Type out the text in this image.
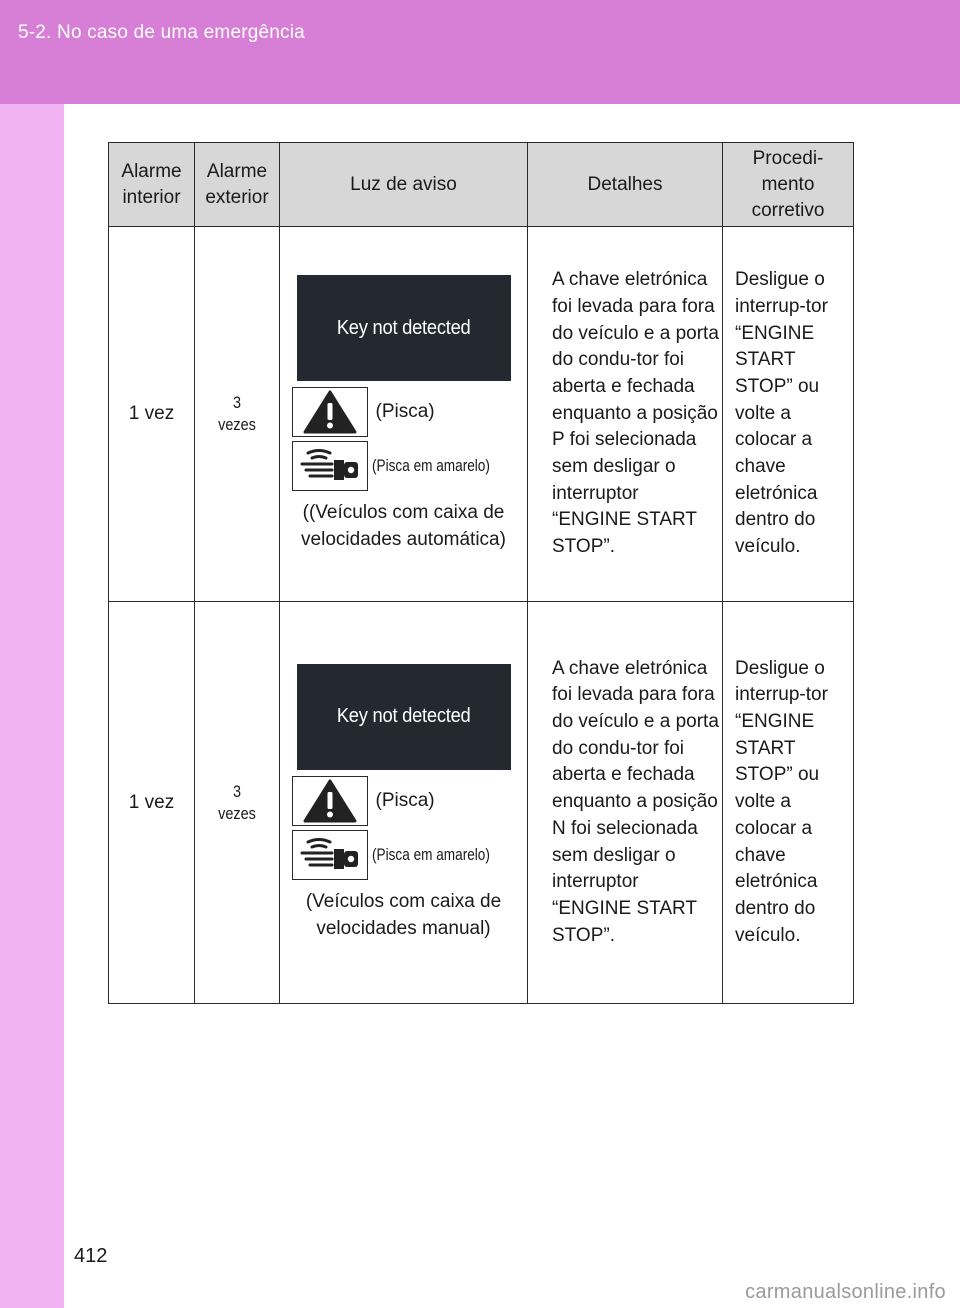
5-2. No caso de uma emergência
Alarme interior	Alarme exterior	Luz de aviso	Detalhes	Procedi-mento corretivo
1 vez	3 vezes	Key not detected
(Pisca)
(Pisca em amarelo)
((Veículos com caixa de velocidades automática)	A chave eletrónica foi levada para fora do veículo e a porta do condu-tor foi aberta e fechada enquanto a posição P foi selecionada sem desligar o interruptor “ENGINE START STOP”.	Desligue o interrup-tor “ENGINE START STOP” ou volte a colocar a chave eletrónica dentro do veículo.
1 vez	3 vezes	Key not detected
(Pisca)
(Pisca em amarelo)
(Veículos com caixa de velocidades manual)	A chave eletrónica foi levada para fora do veículo e a porta do condu-tor foi aberta e fechada enquanto a posição N foi selecionada sem desligar o interruptor “ENGINE START STOP”.	Desligue o interrup-tor “ENGINE START STOP” ou volte a colocar a chave eletrónica dentro do veículo.
412
carmanualsonline.info
